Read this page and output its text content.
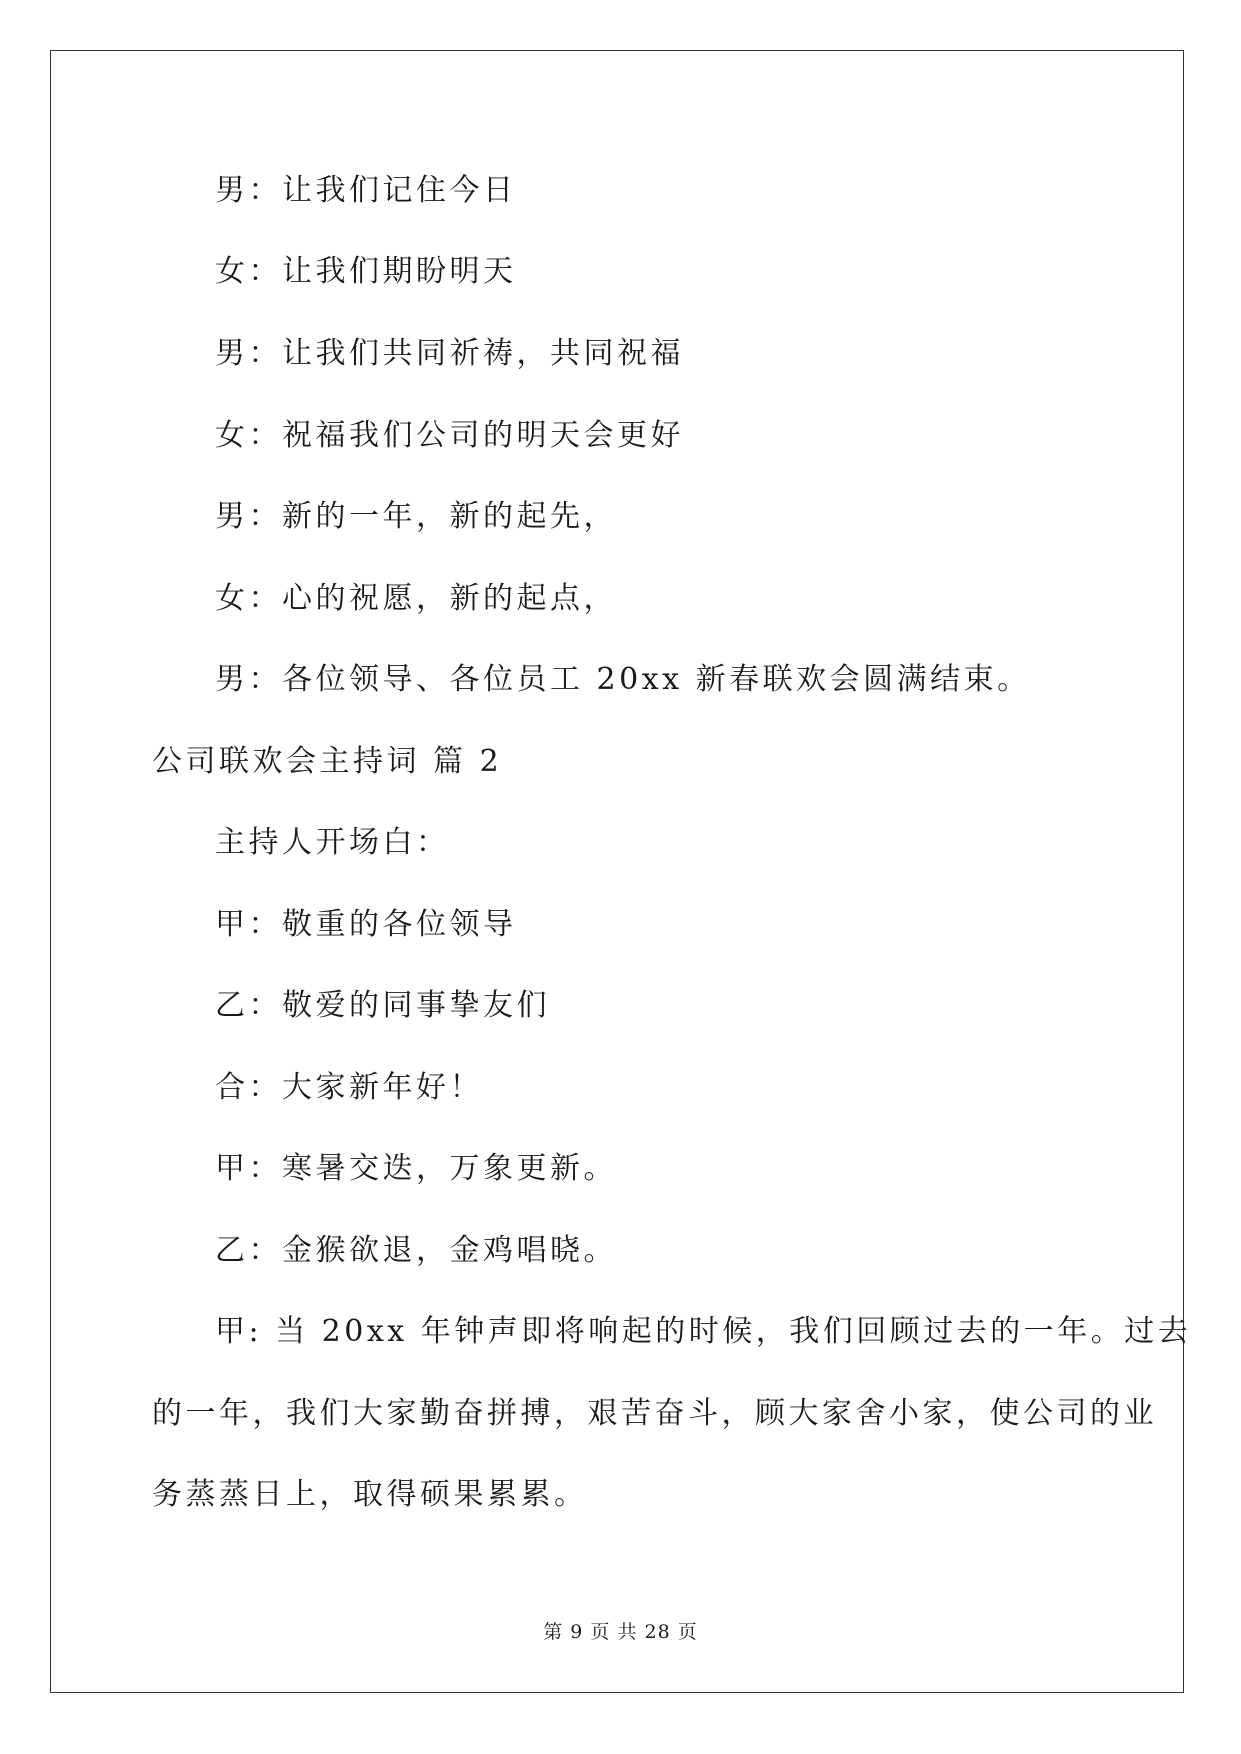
男：让我们记住今日
女：让我们期盼明天
男：让我们共同祈祷，共同祝福
女：祝福我们公司的明天会更好
男：新的一年，新的起先，
女：心的祝愿，新的起点，
男：各位领导、各位员工 20xx 新春联欢会圆满结束。
公司联欢会主持词 篇 2
主持人开场白：
甲：敬重的各位领导
乙：敬爱的同事挚友们
合：大家新年好！
甲：寒暑交迭，万象更新。
乙：金猴欲退，金鸡唱晓。
甲: 当 20xx 年钟声即将响起的时候，我们回顾过去的一年。过去
的一年，我们大家勤奋拼搏，艰苦奋斗，顾大家舍小家，使公司的业
务蒸蒸日上，取得硕果累累。
第 9 页 共 28 页
